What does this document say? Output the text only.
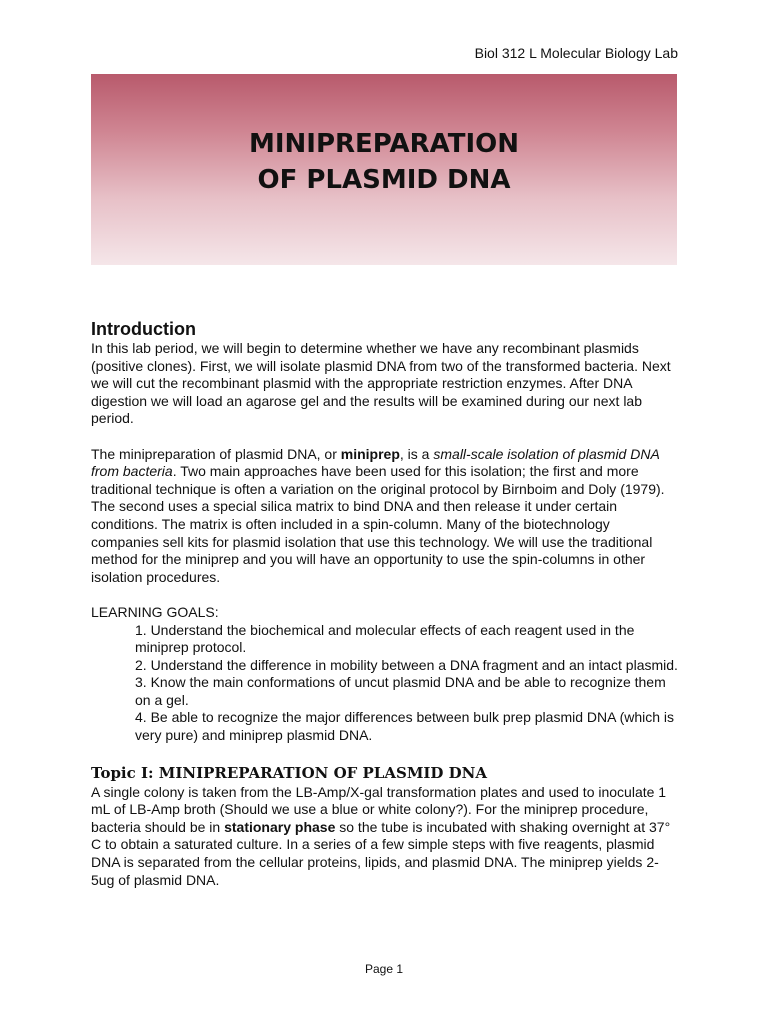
Biol 312 L Molecular Biology Lab
MINIPREPARATION
OF PLASMID DNA
Introduction

In this lab period, we will begin to determine whether we have any recombinant plasmids (positive clones). First, we will isolate plasmid DNA from two of the transformed bacteria. Next we will cut the recombinant plasmid with the appropriate restriction enzymes. After DNA digestion we will load an agarose gel and the results will be examined during our next lab period.

The minipreparation of plasmid DNA, or miniprep, is a small-scale isolation of plasmid DNA from bacteria. Two main approaches have been used for this isolation; the first and more traditional technique is often a variation on the original protocol by Birnboim and Doly (1979). The second uses a special silica matrix to bind DNA and then release it under certain conditions. The matrix is often included in a spin-column. Many of the biotechnology companies sell kits for plasmid isolation that use this technology. We will use the traditional method for the miniprep and you will have an opportunity to use the spin-columns in other isolation procedures.

LEARNING GOALS:

1. Understand the biochemical and molecular effects of each reagent used in the miniprep protocol.
2. Understand the difference in mobility between a DNA fragment and an intact plasmid.
3. Know the main conformations of uncut plasmid DNA and be able to recognize them on a gel.
4. Be able to recognize the major differences between bulk prep plasmid DNA (which is very pure) and miniprep plasmid DNA.
Topic I: MINIPREPARATION OF PLASMID DNA

A single colony is taken from the LB-Amp/X-gal transformation plates and used to inoculate 1 mL of LB-Amp broth (Should we use a blue or white colony?). For the miniprep procedure, bacteria should be in stationary phase so the tube is incubated with shaking overnight at 37° C to obtain a saturated culture. In a series of a few simple steps with five reagents, plasmid DNA is separated from the cellular proteins, lipids, and plasmid DNA. The miniprep yields 2-5ug of plasmid DNA.

Page 1
